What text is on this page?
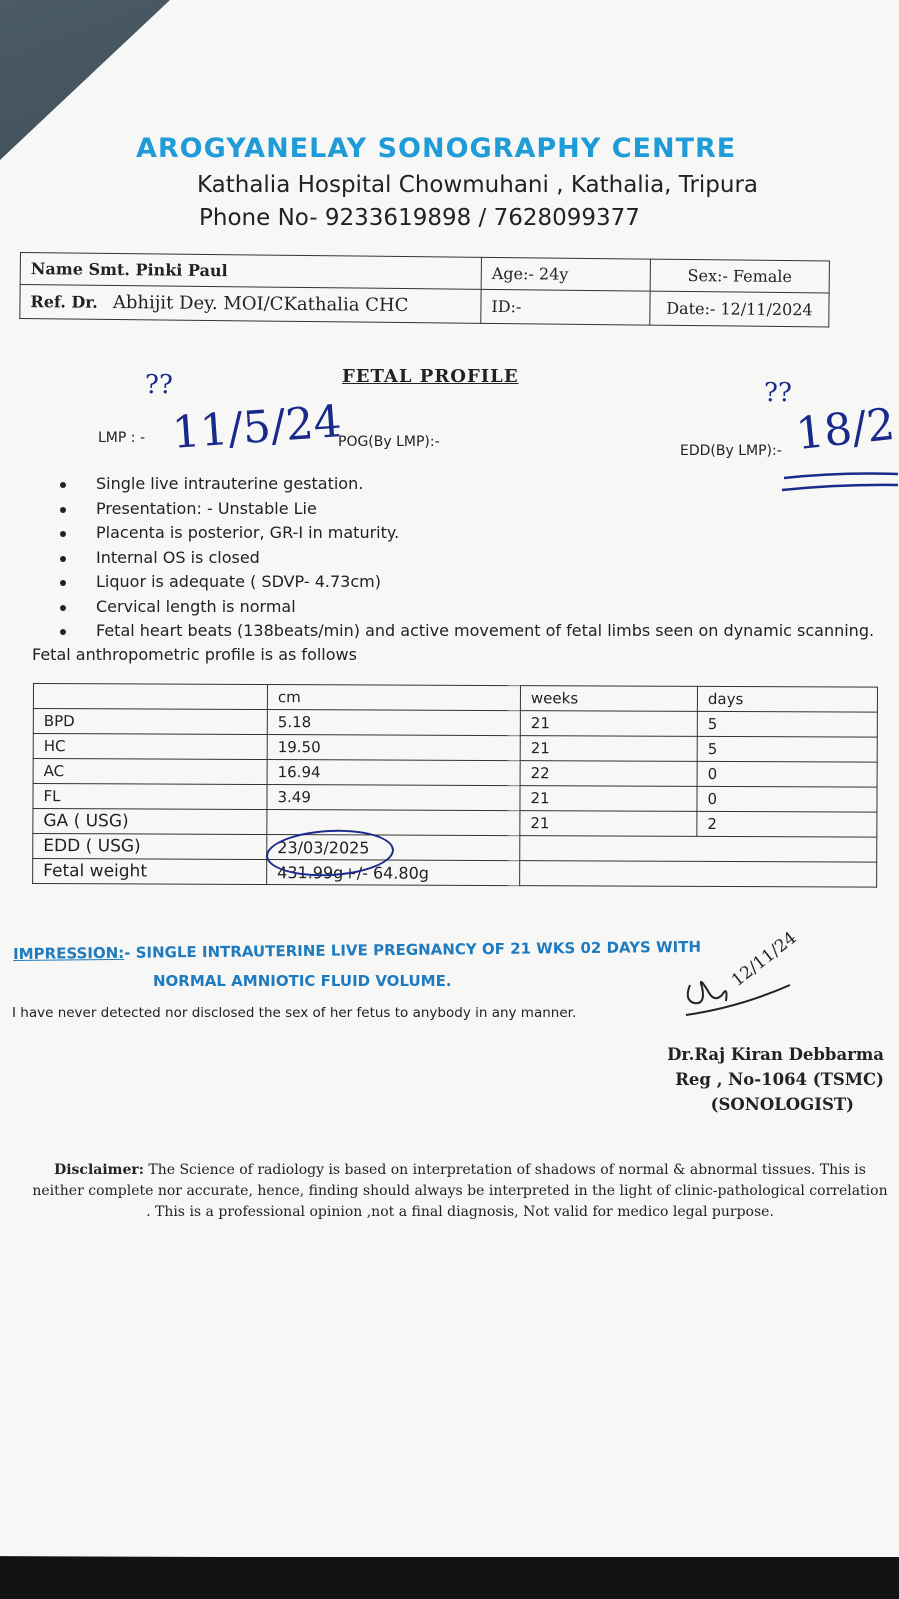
AROGYANELAY SONOGRAPHY CENTRE
Kathalia Hospital Chowmuhani , Kathalia, Tripura
Phone No- 9233619898 / 7628099377
Name Smt. Pinki Paul	Age:- 24y	Sex:- Female
Ref. Dr. Abhijit Dey. MOI/CKathalia CHC	ID:-	Date:- 12/11/2024
FETAL PROFILE
??
LMP : - 11/5/24
POG(By LMP):-
??
EDD(By LMP):- 18/2
Single live intrauterine gestation.
Presentation: - Unstable Lie
Placenta is posterior, GR-I in maturity.
Internal OS is closed
Liquor is adequate ( SDVP- 4.73cm)
Cervical length is normal
Fetal heart beats (138beats/min) and active movement of fetal limbs seen on dynamic scanning.
Fetal anthropometric profile is as follows
	cm	weeks	days
BPD	5.18	21	5
HC	19.50	21	5
AC	16.94	22	0
FL	3.49	21	0
GA ( USG)		21	2
EDD ( USG)	23/03/2025		
Fetal weight	431.99g+/- 64.80g		
IMPRESSION:- SINGLE INTRAUTERINE LIVE PREGNANCY OF 21 WKS 02 DAYS WITH
NORMAL AMNIOTIC FLUID VOLUME.
I have never detected nor disclosed the sex of her fetus to anybody in any manner.
12/11/24
Dr.Raj Kiran Debbarma
Reg , No-1064 (TSMC)
(SONOLOGIST)
Disclaimer: The Science of radiology is based on interpretation of shadows of normal & abnormal tissues. This is neither complete nor accurate, hence, finding should always be interpreted in the light of clinic-pathological correlation . This is a professional opinion ,not a final diagnosis, Not valid for medico legal purpose.
